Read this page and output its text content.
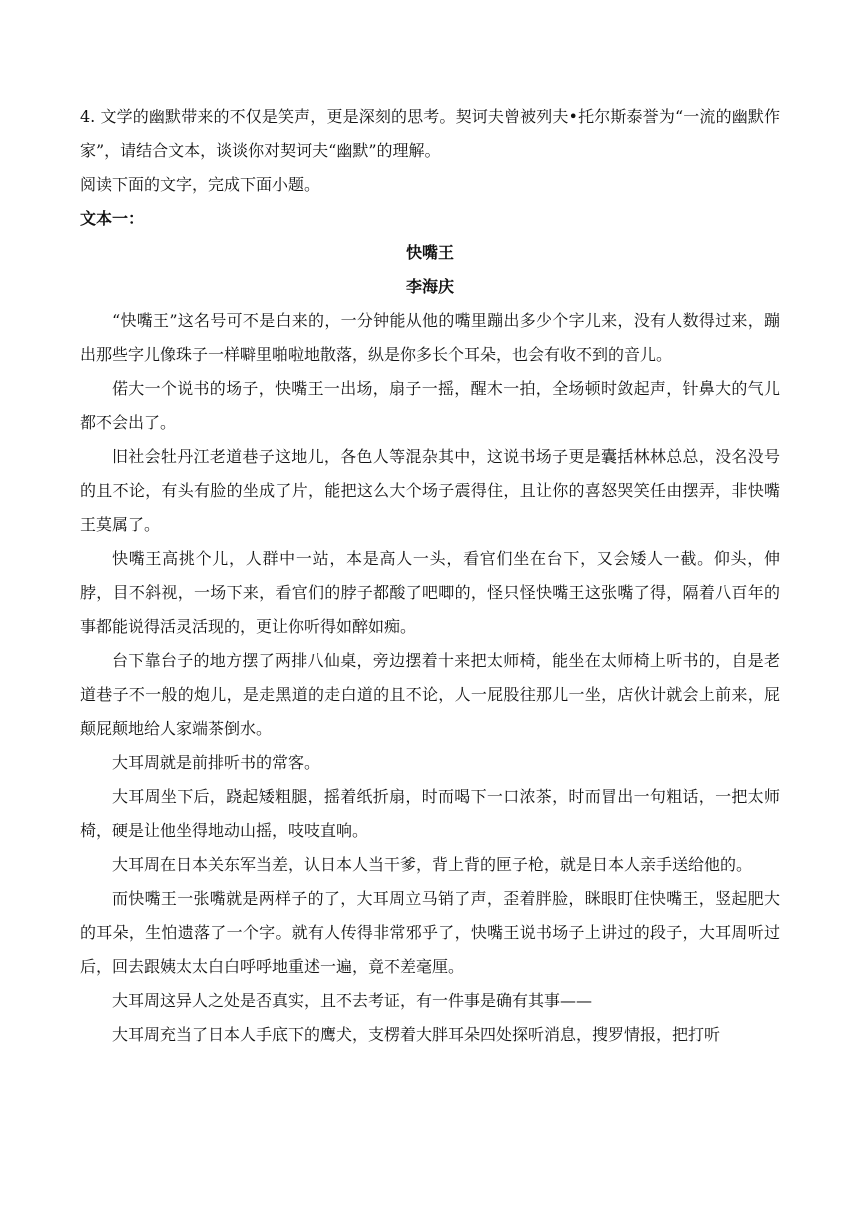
4. 文学的幽默带来的不仅是笑声，更是深刻的思考。契诃夫曾被列夫•托尔斯泰誉为“一流的幽默作家”，请结合文本，谈谈你对契诃夫“幽默”的理解。

阅读下面的文字，完成下面小题。

文本一：

快嘴王

李海庆

“快嘴王”这名号可不是白来的，一分钟能从他的嘴里蹦出多少个字儿来，没有人数得过来，蹦出那些字儿像珠子一样噼里啪啦地散落，纵是你多长个耳朵，也会有收不到的音儿。

偌大一个说书的场子，快嘴王一出场，扇子一摇，醒木一拍，全场顿时敛起声，针鼻大的气儿都不会出了。

旧社会牡丹江老道巷子这地儿，各色人等混杂其中，这说书场子更是囊括林林总总，没名没号的且不论，有头有脸的坐成了片，能把这么大个场子震得住，且让你的喜怒哭笑任由摆弄，非快嘴王莫属了。

快嘴王高挑个儿，人群中一站，本是高人一头，看官们坐在台下，又会矮人一截。仰头，伸脖，目不斜视，一场下来，看官们的脖子都酸了吧唧的，怪只怪快嘴王这张嘴了得，隔着八百年的事都能说得活灵活现的，更让你听得如醉如痴。

台下靠台子的地方摆了两排八仙桌，旁边摆着十来把太师椅，能坐在太师椅上听书的，自是老道巷子不一般的炮儿，是走黑道的走白道的且不论，人一屁股往那儿一坐，店伙计就会上前来，屁颠屁颠地给人家端茶倒水。

大耳周就是前排听书的常客。

大耳周坐下后，跷起矮粗腿，摇着纸折扇，时而喝下一口浓茶，时而冒出一句粗话，一把太师椅，硬是让他坐得地动山摇，吱吱直响。

大耳周在日本关东军当差，认日本人当干爹，背上背的匣子枪，就是日本人亲手送给他的。

而快嘴王一张嘴就是两样子的了，大耳周立马销了声，歪着胖脸，眯眼盯住快嘴王，竖起肥大的耳朵，生怕遗落了一个字。就有人传得非常邪乎了，快嘴王说书场子上讲过的段子，大耳周听过后，回去跟姨太太白白呼呼地重述一遍，竟不差毫厘。

大耳周这异人之处是否真实，且不去考证，有一件事是确有其事——

大耳周充当了日本人手底下的鹰犬，支楞着大胖耳朵四处探听消息，搜罗情报，把打听
